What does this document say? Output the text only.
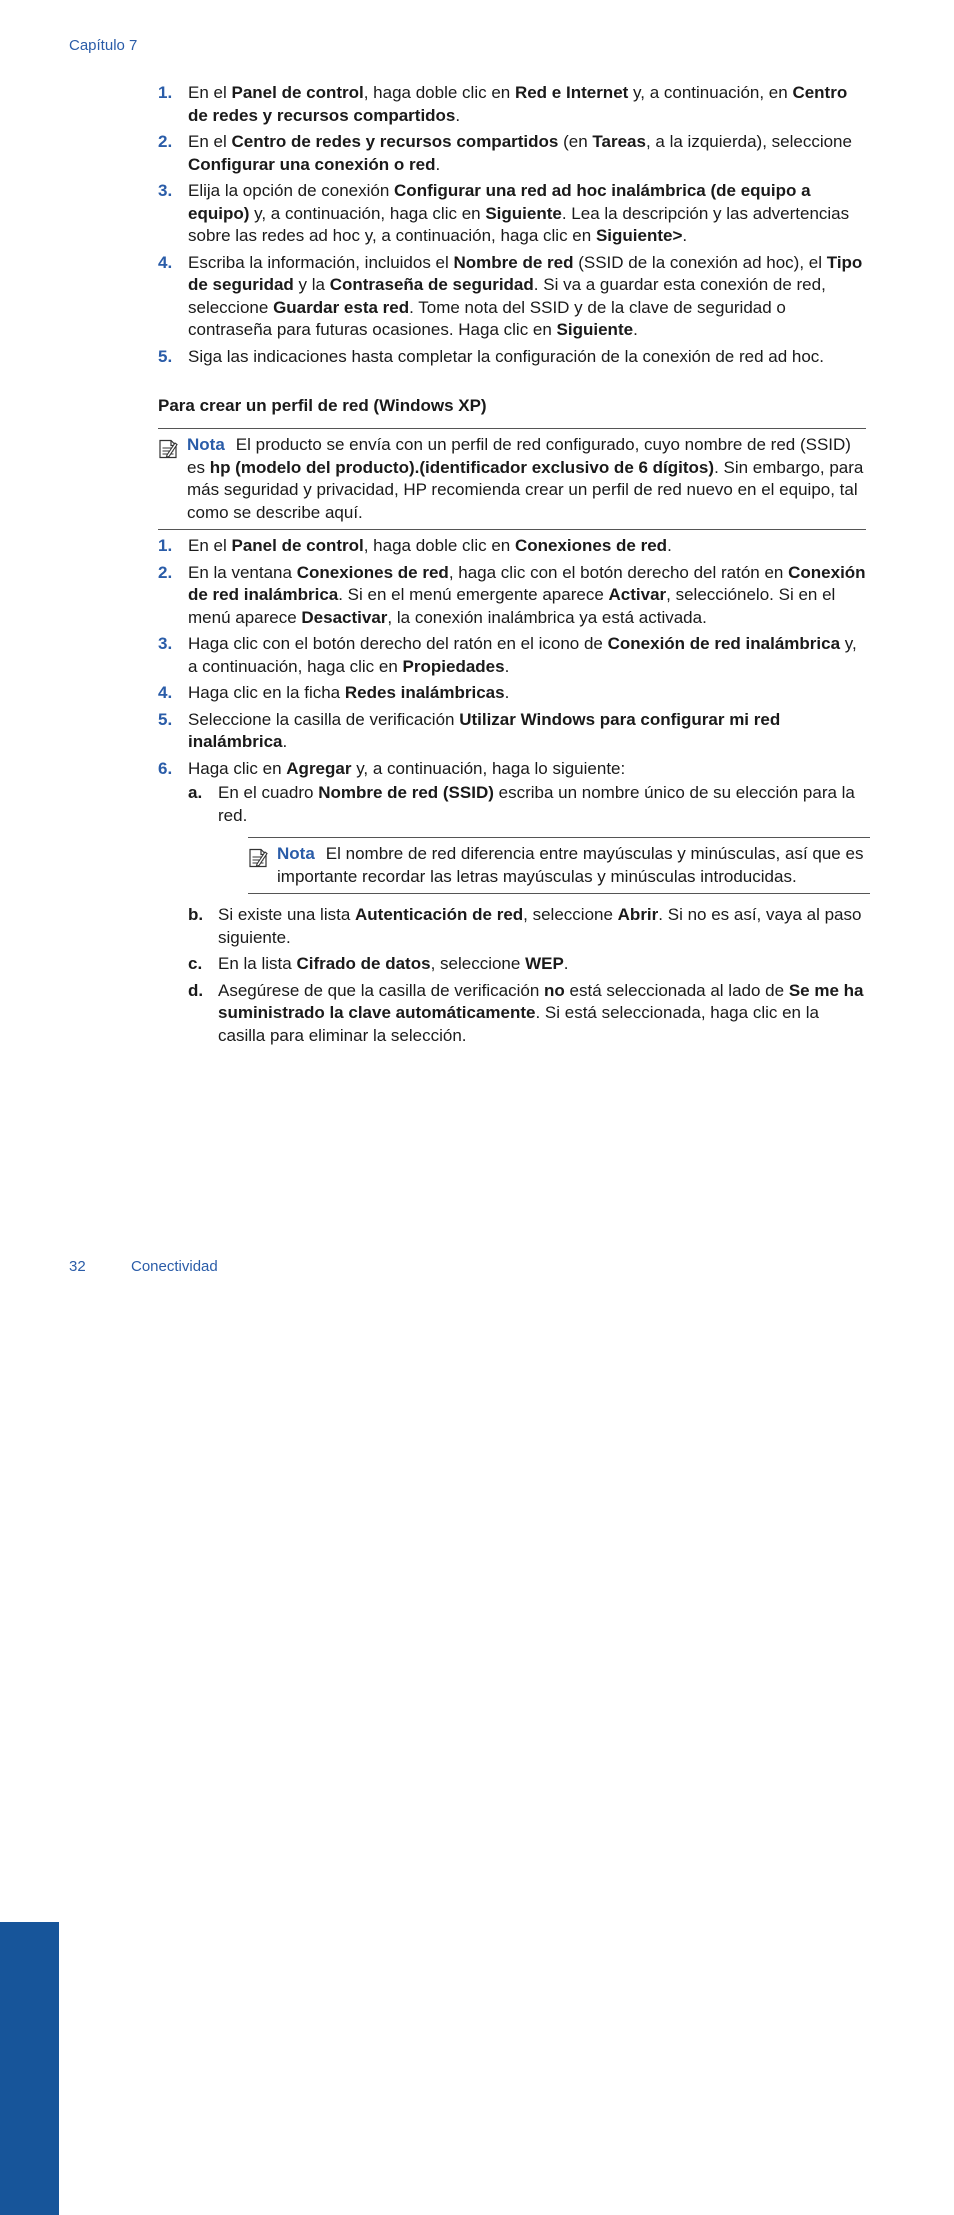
Capítulo 7
1. En el Panel de control, haga doble clic en Red e Internet y, a continuación, en Centro de redes y recursos compartidos.
2. En el Centro de redes y recursos compartidos (en Tareas, a la izquierda), seleccione Configurar una conexión o red.
3. Elija la opción de conexión Configurar una red ad hoc inalámbrica (de equipo a equipo) y, a continuación, haga clic en Siguiente. Lea la descripción y las advertencias sobre las redes ad hoc y, a continuación, haga clic en Siguiente>.
4. Escriba la información, incluidos el Nombre de red (SSID de la conexión ad hoc), el Tipo de seguridad y la Contraseña de seguridad. Si va a guardar esta conexión de red, seleccione Guardar esta red. Tome nota del SSID y de la clave de seguridad o contraseña para futuras ocasiones. Haga clic en Siguiente.
5. Siga las indicaciones hasta completar la configuración de la conexión de red ad hoc.
Para crear un perfil de red (Windows XP)
Nota El producto se envía con un perfil de red configurado, cuyo nombre de red (SSID) es hp (modelo del producto).(identificador exclusivo de 6 dígitos). Sin embargo, para más seguridad y privacidad, HP recomienda crear un perfil de red nuevo en el equipo, tal como se describe aquí.
1. En el Panel de control, haga doble clic en Conexiones de red.
2. En la ventana Conexiones de red, haga clic con el botón derecho del ratón en Conexión de red inalámbrica. Si en el menú emergente aparece Activar, selecciónelo. Si en el menú aparece Desactivar, la conexión inalámbrica ya está activada.
3. Haga clic con el botón derecho del ratón en el icono de Conexión de red inalámbrica y, a continuación, haga clic en Propiedades.
4. Haga clic en la ficha Redes inalámbricas.
5. Seleccione la casilla de verificación Utilizar Windows para configurar mi red inalámbrica.
6. Haga clic en Agregar y, a continuación, haga lo siguiente:
a. En el cuadro Nombre de red (SSID) escriba un nombre único de su elección para la red.
Nota El nombre de red diferencia entre mayúsculas y minúsculas, así que es importante recordar las letras mayúsculas y minúsculas introducidas.
b. Si existe una lista Autenticación de red, seleccione Abrir. Si no es así, vaya al paso siguiente.
c. En la lista Cifrado de datos, seleccione WEP.
d. Asegúrese de que la casilla de verificación no está seleccionada al lado de Se me ha suministrado la clave automáticamente. Si está seleccionada, haga clic en la casilla para eliminar la selección.
Conectividad 32	Conectividad
